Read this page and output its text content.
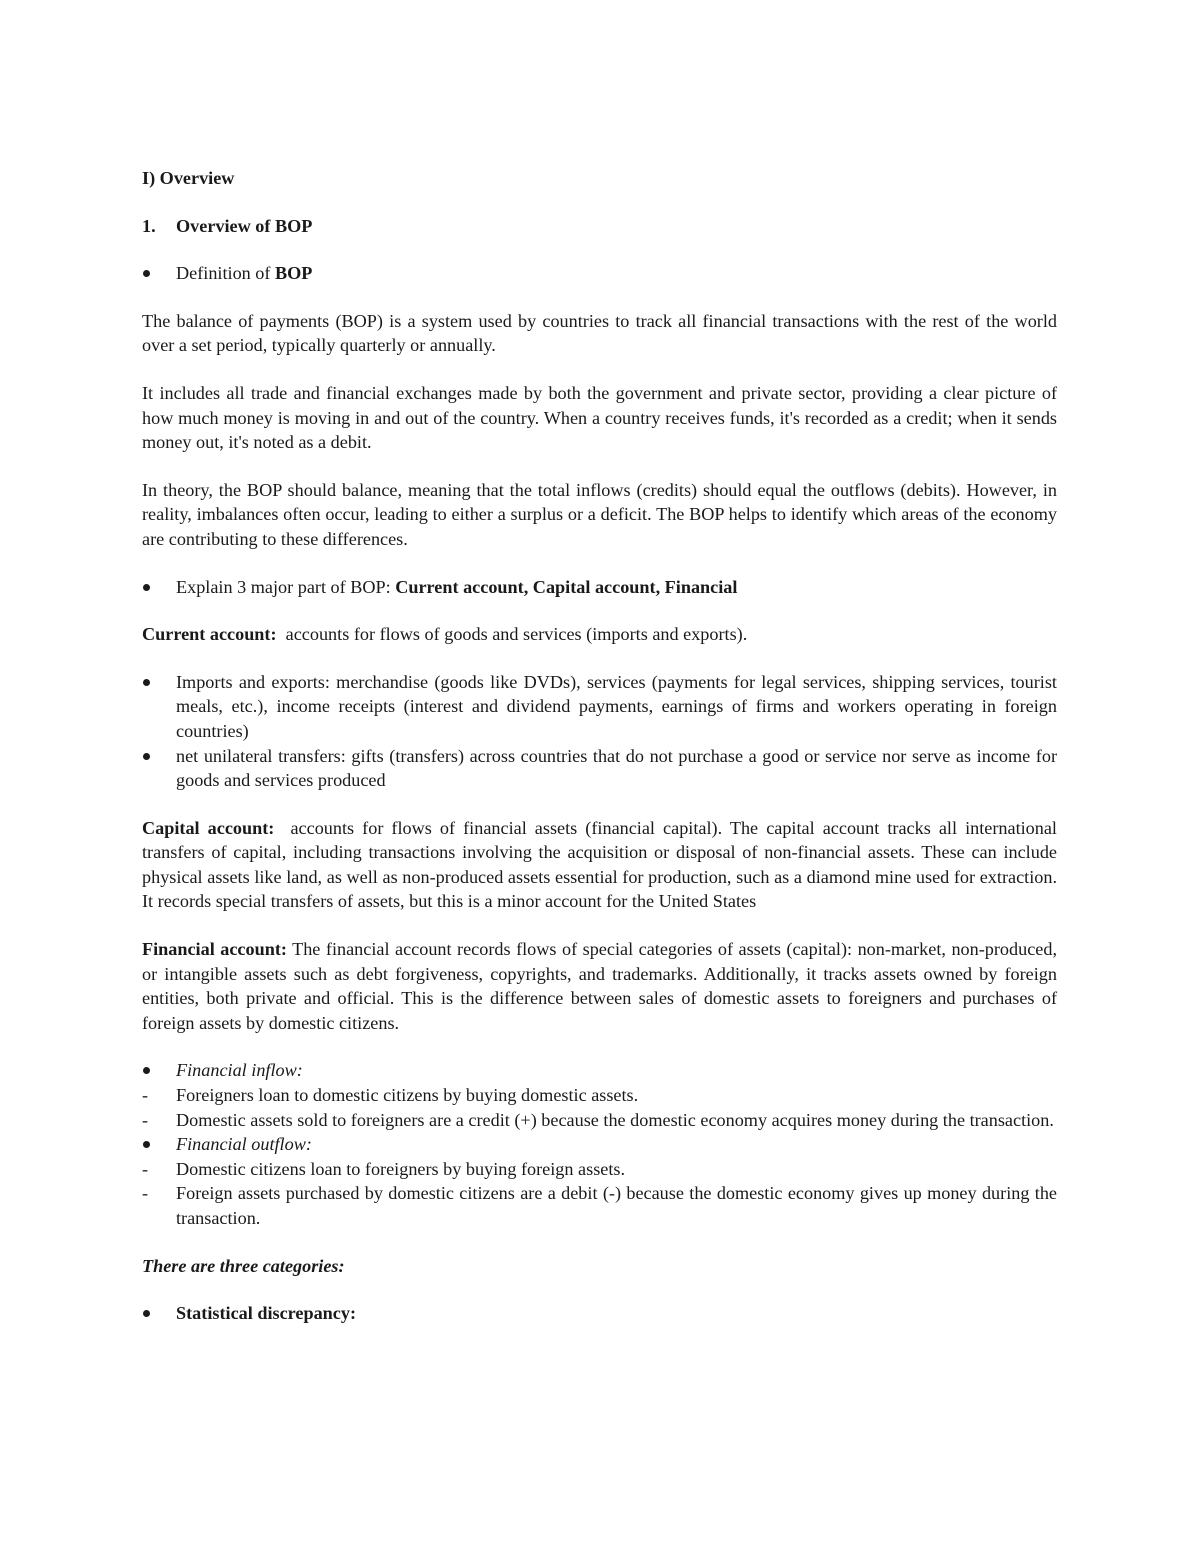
I) Overview

1. Overview of BOP
Definition of BOP

The balance of payments (BOP) is a system used by countries to track all financial transactions with the rest of the world over a set period, typically quarterly or annually.

It includes all trade and financial exchanges made by both the government and private sector, providing a clear picture of how much money is moving in and out of the country. When a country receives funds, it's recorded as a credit; when it sends money out, it's noted as a debit.

In theory, the BOP should balance, meaning that the total inflows (credits) should equal the outflows (debits). However, in reality, imbalances often occur, leading to either a surplus or a deficit. The BOP helps to identify which areas of the economy are contributing to these differences.

Explain 3 major part of BOP: Current account, Capital account, Financial

Current account:  accounts for flows of goods and services (imports and exports).

Imports and exports: merchandise (goods like DVDs), services (payments for legal services, shipping services, tourist meals, etc.), income receipts (interest and dividend payments, earnings of firms and workers operating in foreign countries)
net unilateral transfers: gifts (transfers) across countries that do not purchase a good or service nor serve as income for goods and services produced

Capital account:  accounts for flows of financial assets (financial capital). The capital account tracks all international transfers of capital, including transactions involving the acquisition or disposal of non-financial assets. These can include physical assets like land, as well as non-produced assets essential for production, such as a diamond mine used for extraction. It records special transfers of assets, but this is a minor account for the United States

Financial account: The financial account records flows of special categories of assets (capital): non-market, non-produced, or intangible assets such as debt forgiveness, copyrights, and trademarks. Additionally, it tracks assets owned by foreign entities, both private and official. This is the difference between sales of domestic assets to foreigners and purchases of foreign assets by domestic citizens.

Financial inflow:
- Foreigners loan to domestic citizens by buying domestic assets.
- Domestic assets sold to foreigners are a credit (+) because the domestic economy acquires money during the transaction.
Financial outflow:
- Domestic citizens loan to foreigners by buying foreign assets.
- Foreign assets purchased by domestic citizens are a debit (-) because the domestic economy gives up money during the transaction.

There are three categories:

Statistical discrepancy:
